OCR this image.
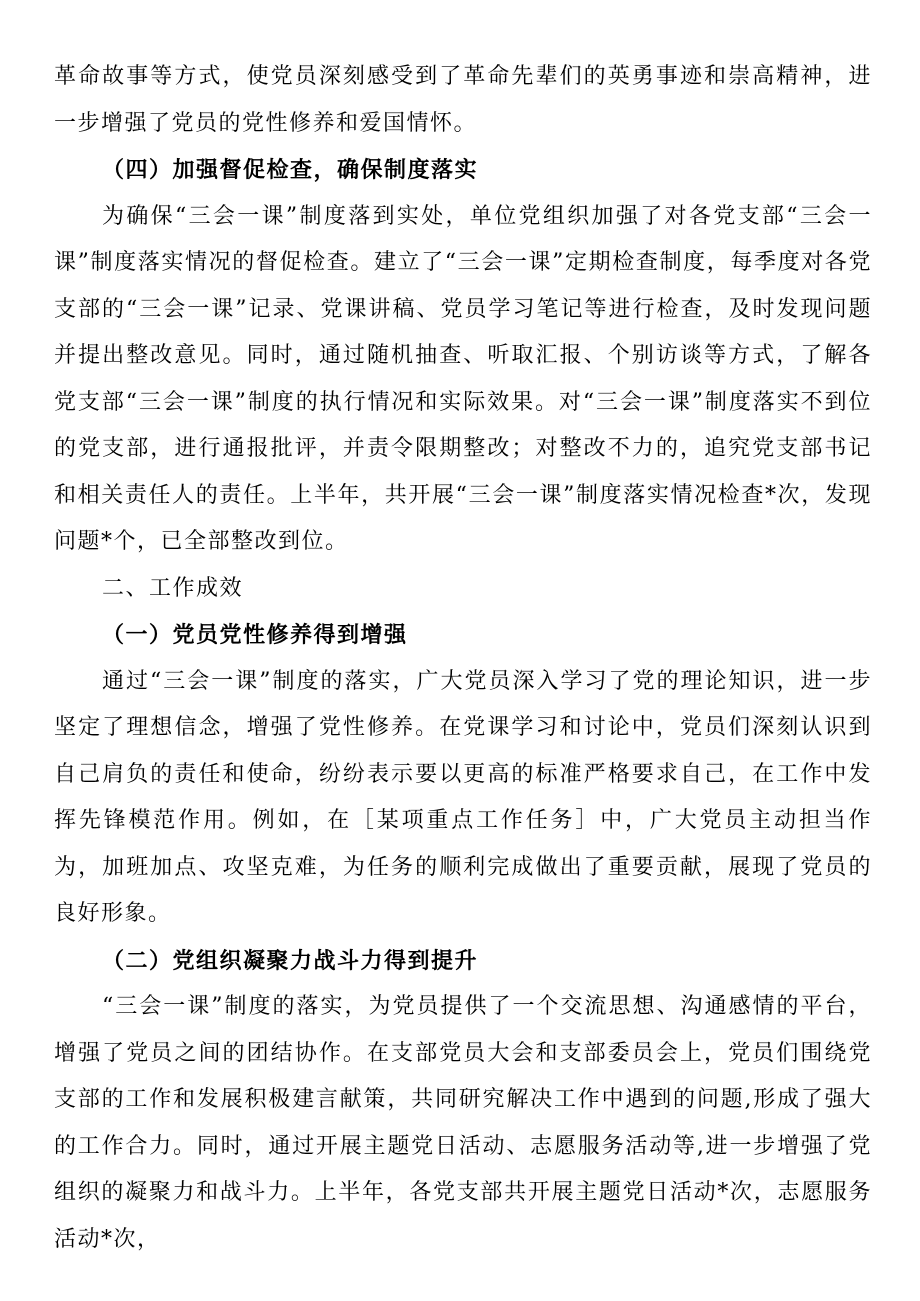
革命故事等方式，使党员深刻感受到了革命先辈们的英勇事迹和崇高精神，进一步增强了党员的党性修养和爱国情怀。

（四）加强督促检查，确保制度落实

为确保“三会一课”制度落到实处，单位党组织加强了对各党支部“三会一课”制度落实情况的督促检查。建立了“三会一课”定期检查制度，每季度对各党支部的“三会一课”记录、党课讲稿、党员学习笔记等进行检查，及时发现问题并提出整改意见。同时，通过随机抽查、听取汇报、个别访谈等方式，了解各党支部“三会一课”制度的执行情况和实际效果。对“三会一课”制度落实不到位的党支部，进行通报批评，并责令限期整改；对整改不力的，追究党支部书记和相关责任人的责任。上半年，共开展“三会一课”制度落实情况检查*次，发现问题*个，已全部整改到位。

二、工作成效

（一）党员党性修养得到增强

通过“三会一课”制度的落实，广大党员深入学习了党的理论知识，进一步坚定了理想信念，增强了党性修养。在党课学习和讨论中，党员们深刻认识到自己肩负的责任和使命，纷纷表示要以更高的标准严格要求自己，在工作中发挥先锋模范作用。例如，在［某项重点工作任务］中，广大党员主动担当作为，加班加点、攻坚克难，为任务的顺利完成做出了重要贡献，展现了党员的良好形象。

（二）党组织凝聚力战斗力得到提升

“三会一课”制度的落实，为党员提供了一个交流思想、沟通感情的平台，增强了党员之间的团结协作。在支部党员大会和支部委员会上，党员们围绕党支部的工作和发展积极建言献策，共同研究解决工作中遇到的问题,形成了强大的工作合力。同时，通过开展主题党日活动、志愿服务活动等,进一步增强了党组织的凝聚力和战斗力。上半年，各党支部共开展主题党日活动*次，志愿服务活动*次，
